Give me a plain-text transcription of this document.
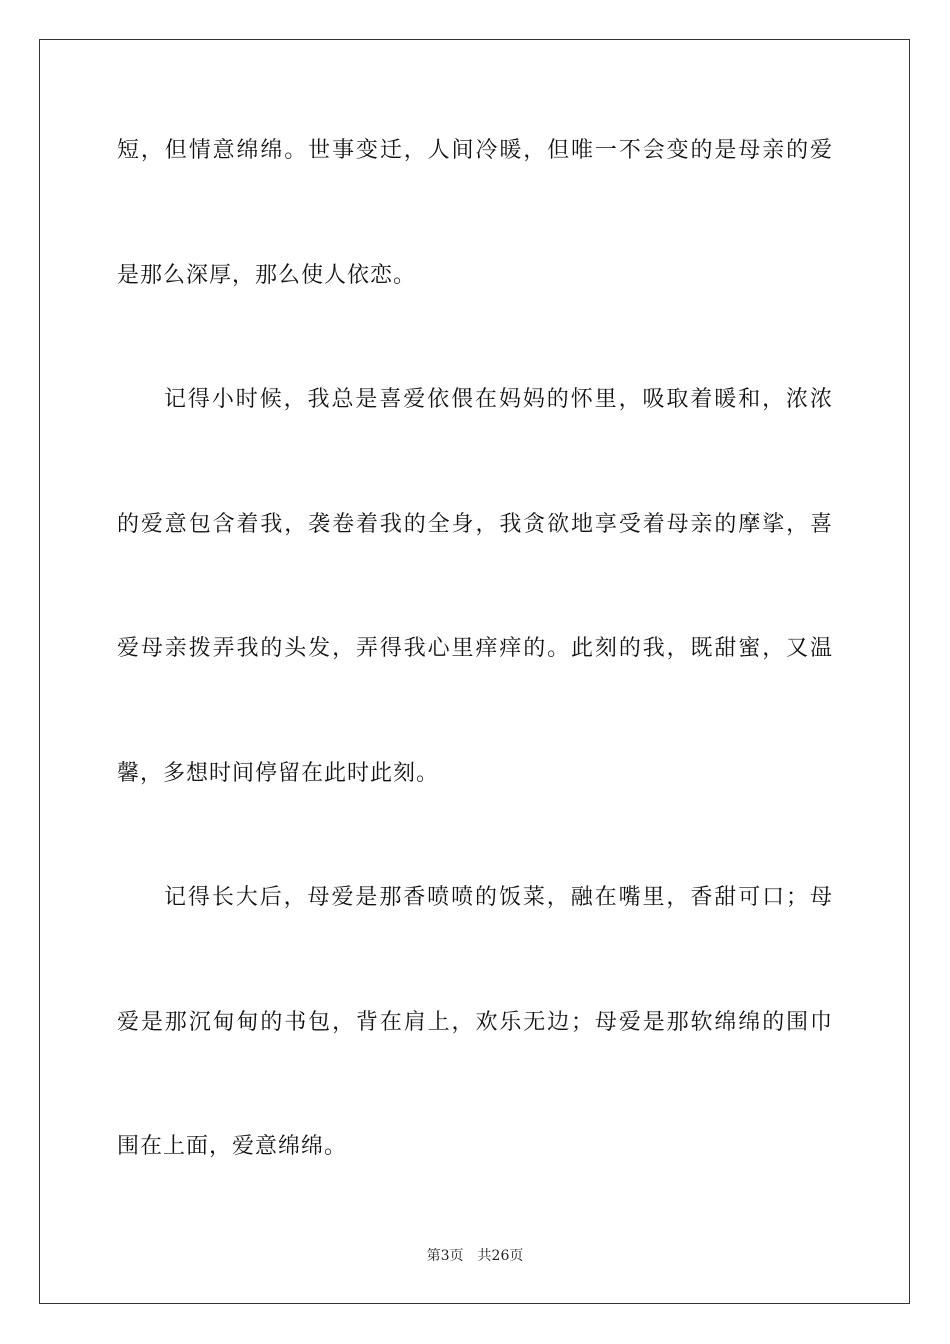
短，但情意绵绵。世事变迁，人间冷暖，但唯一不会变的是母亲的爱
是那么深厚，那么使人依恋。
记得小时候，我总是喜爱依偎在妈妈的怀里，吸取着暖和，浓浓
的爱意包含着我，袭卷着我的全身，我贪欲地享受着母亲的摩挲，喜
爱母亲拨弄我的头发，弄得我心里痒痒的。此刻的我，既甜蜜，又温
馨，多想时间停留在此时此刻。
记得长大后，母爱是那香喷喷的饭菜，融在嘴里，香甜可口；母
爱是那沉甸甸的书包，背在肩上，欢乐无边；母爱是那软绵绵的围巾
围在上面，爱意绵绵。
第3页 共26页
